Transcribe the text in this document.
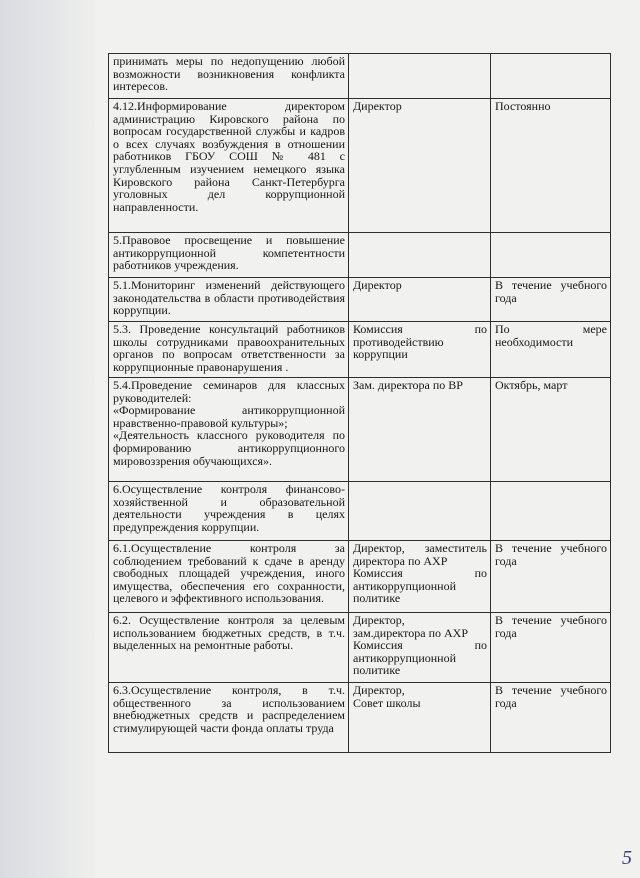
принимать меры по недопущению любой возможности возникновения конфликта интересов.		

4.12.Информирование директором администрацию Кировского района по вопросам государственной службы и кадров о всех случаях возбуждения в отношении работников ГБОУ СОШ № 481 с углубленным изучением немецкого языка Кировского района Санкт-Петербурга уголовных дел коррупционной направленности.	Директор	Постоянно

5.Правовое просвещение и повышение антикоррупционной компетентности работников учреждения.		

5.1.Мониторинг изменений действующего законодательства в области противодействия коррупции.	Директор	В течение учебного года

5.3. Проведение консультаций работников школы сотрудниками правоохранительных органов по вопросам ответственности за коррупционные правонарушения .	Комиссия по противодействию коррупции	По мере необходимости

5.4.Проведение семинаров для классных руководителей:
«Формирование антикоррупционной нравственно-правовой культуры»;
«Деятельность классного руководителя по формированию антикоррупционного мировоззрения обучающихся».	Зам. директора по ВР	Октябрь, март

6.Осуществление контроля финансово-хозяйственной и образовательной деятельности учреждения в целях предупреждения коррупции.		

6.1.Осуществление контроля за соблюдением требований к сдаче в аренду свободных площадей учреждения, иного имущества, обеспечения его сохранности, целевого и эффективного использования.	Директор, заместитель директора по АХР
Комиссия по антикоррупционной политике	В течение учебного года

6.2. Осуществление контроля за целевым использованием бюджетных средств, в т.ч. выделенных на ремонтные работы.	Директор,
зам.директора по АХР
Комиссия по антикоррупционной политике	В течение учебного года

6.3.Осуществление контроля, в т.ч. общественного за использованием внебюджетных средств и распределением стимулирующей части фонда оплаты труда	Директор,
Совет школы	В течение учебного года
5
